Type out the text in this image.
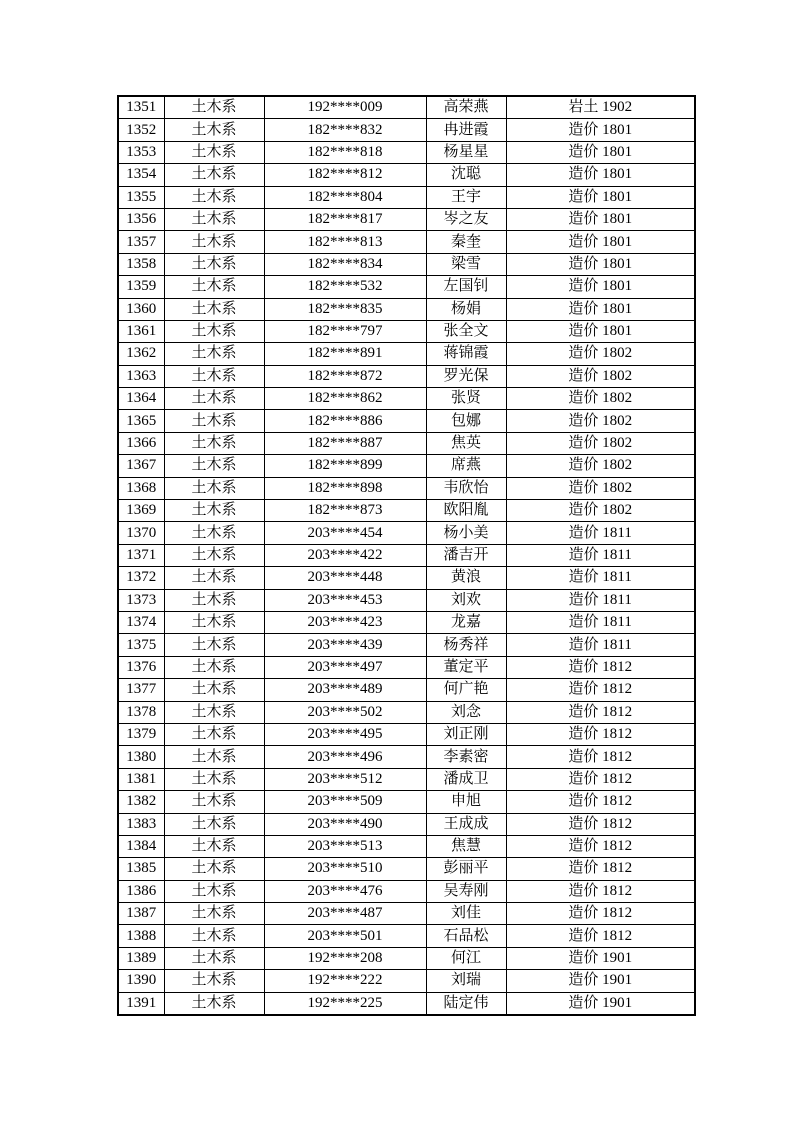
1351	土木系	192****009	高荣燕	岩土 1902
1352	土木系	182****832	冉进霞	造价 1801
1353	土木系	182****818	杨星星	造价 1801
1354	土木系	182****812	沈聪	造价 1801
1355	土木系	182****804	王宇	造价 1801
1356	土木系	182****817	岑之友	造价 1801
1357	土木系	182****813	秦奎	造价 1801
1358	土木系	182****834	梁雪	造价 1801
1359	土木系	182****532	左国钊	造价 1801
1360	土木系	182****835	杨娟	造价 1801
1361	土木系	182****797	张全文	造价 1801
1362	土木系	182****891	蒋锦霞	造价 1802
1363	土木系	182****872	罗光保	造价 1802
1364	土木系	182****862	张贤	造价 1802
1365	土木系	182****886	包娜	造价 1802
1366	土木系	182****887	焦英	造价 1802
1367	土木系	182****899	席燕	造价 1802
1368	土木系	182****898	韦欣怡	造价 1802
1369	土木系	182****873	欧阳胤	造价 1802
1370	土木系	203****454	杨小美	造价 1811
1371	土木系	203****422	潘吉开	造价 1811
1372	土木系	203****448	黄浪	造价 1811
1373	土木系	203****453	刘欢	造价 1811
1374	土木系	203****423	龙嘉	造价 1811
1375	土木系	203****439	杨秀祥	造价 1811
1376	土木系	203****497	董定平	造价 1812
1377	土木系	203****489	何广艳	造价 1812
1378	土木系	203****502	刘念	造价 1812
1379	土木系	203****495	刘正刚	造价 1812
1380	土木系	203****496	李素密	造价 1812
1381	土木系	203****512	潘成卫	造价 1812
1382	土木系	203****509	申旭	造价 1812
1383	土木系	203****490	王成成	造价 1812
1384	土木系	203****513	焦慧	造价 1812
1385	土木系	203****510	彭丽平	造价 1812
1386	土木系	203****476	吴寿刚	造价 1812
1387	土木系	203****487	刘佳	造价 1812
1388	土木系	203****501	石品松	造价 1812
1389	土木系	192****208	何江	造价 1901
1390	土木系	192****222	刘瑞	造价 1901
1391	土木系	192****225	陆定伟	造价 1901
